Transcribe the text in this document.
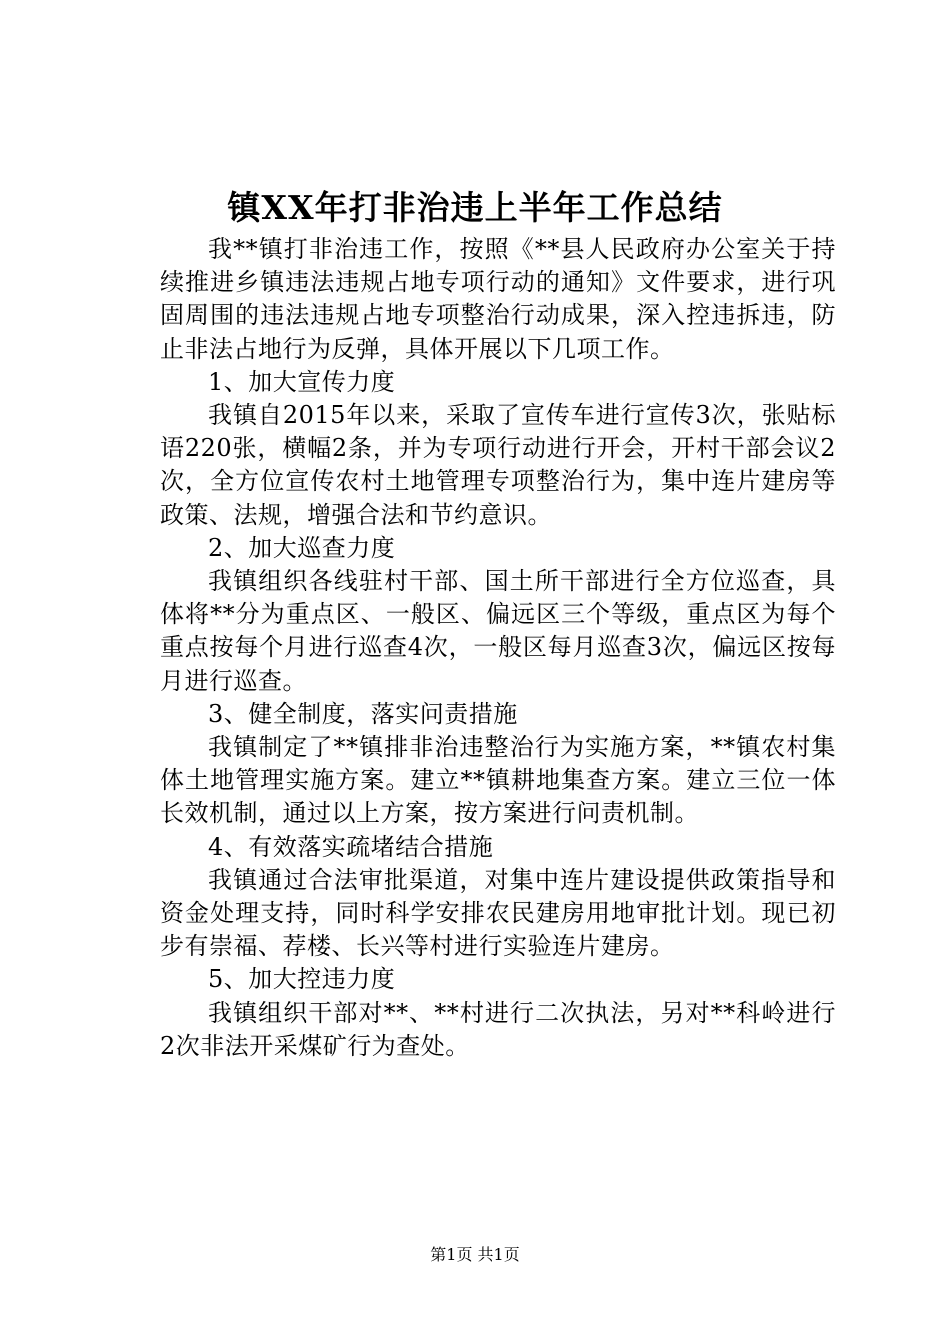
镇XX年打非治违上半年工作总结

我**镇打非治违工作，按照《**县人民政府办公室关于持续推进乡镇违法违规占地专项行动的通知》文件要求，进行巩固周围的违法违规占地专项整治行动成果，深入控违拆违，防止非法占地行为反弹，具体开展以下几项工作。

1、加大宣传力度

我镇自2015年以来，采取了宣传车进行宣传3次，张贴标语220张，横幅2条，并为专项行动进行开会，开村干部会议2次，全方位宣传农村土地管理专项整治行为，集中连片建房等政策、法规，增强合法和节约意识。

2、加大巡查力度

我镇组织各线驻村干部、国土所干部进行全方位巡查，具体将**分为重点区、一般区、偏远区三个等级，重点区为每个重点按每个月进行巡查4次，一般区每月巡查3次，偏远区按每月进行巡查。

3、健全制度，落实问责措施

我镇制定了**镇排非治违整治行为实施方案，**镇农村集体土地管理实施方案。建立**镇耕地集查方案。建立三位一体长效机制，通过以上方案，按方案进行问责机制。

4、有效落实疏堵结合措施

我镇通过合法审批渠道，对集中连片建设提供政策指导和资金处理支持，同时科学安排农民建房用地审批计划。现已初步有崇福、荐楼、长兴等村进行实验连片建房。

5、加大控违力度

我镇组织干部对**、**村进行二次执法，另对**科岭进行2次非法开采煤矿行为查处。

第1页 共1页
